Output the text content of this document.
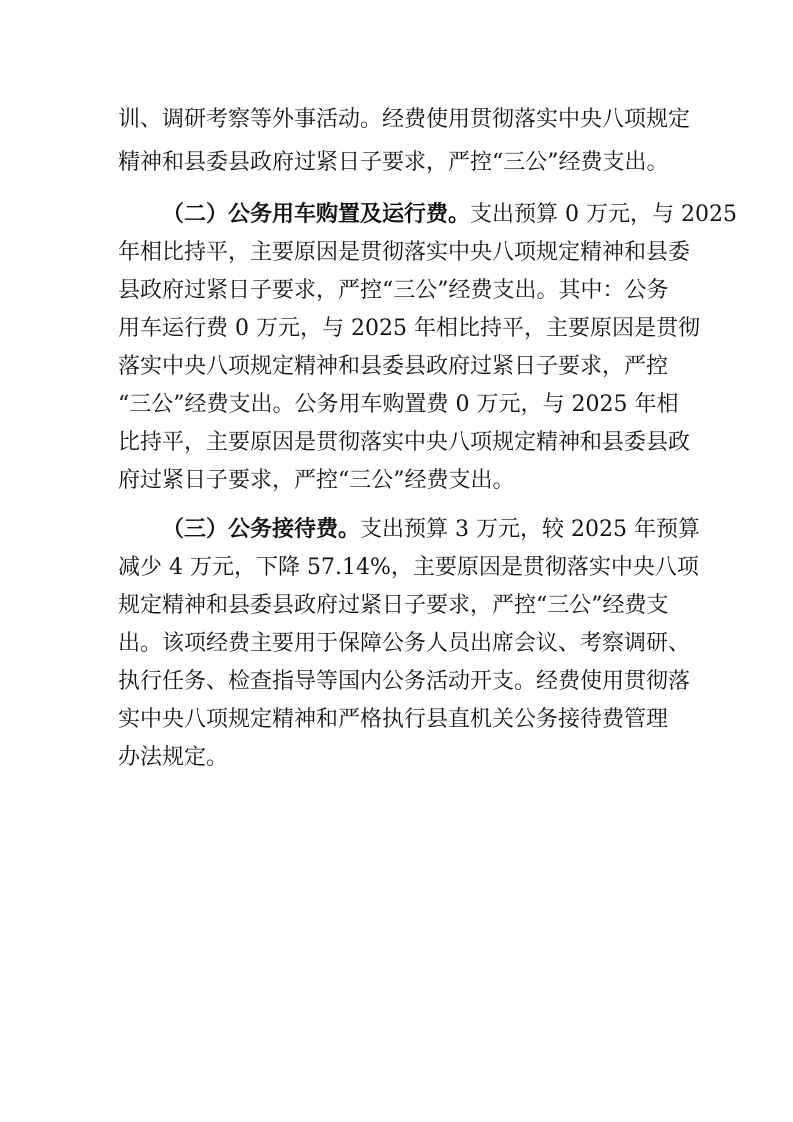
训、调研考察等外事活动。经费使用贯彻落实中央八项规定
精神和县委县政府过紧日子要求，严控“三公”经费支出。
（二）公务用车购置及运行费。支出预算 0 万元，与 2025
年相比持平，主要原因是贯彻落实中央八项规定精神和县委
县政府过紧日子要求，严控“三公”经费支出。其中：公务
用车运行费 0 万元，与 2025 年相比持平，主要原因是贯彻
落实中央八项规定精神和县委县政府过紧日子要求，严控
“三公”经费支出。公务用车购置费 0 万元，与 2025 年相
比持平，主要原因是贯彻落实中央八项规定精神和县委县政
府过紧日子要求，严控“三公”经费支出。
（三）公务接待费。支出预算 3 万元，较 2025 年预算
减少 4 万元，下降 57.14%，主要原因是贯彻落实中央八项
规定精神和县委县政府过紧日子要求，严控“三公”经费支
出。该项经费主要用于保障公务人员出席会议、考察调研、
执行任务、检查指导等国内公务活动开支。经费使用贯彻落
实中央八项规定精神和严格执行县直机关公务接待费管理
办法规定。
